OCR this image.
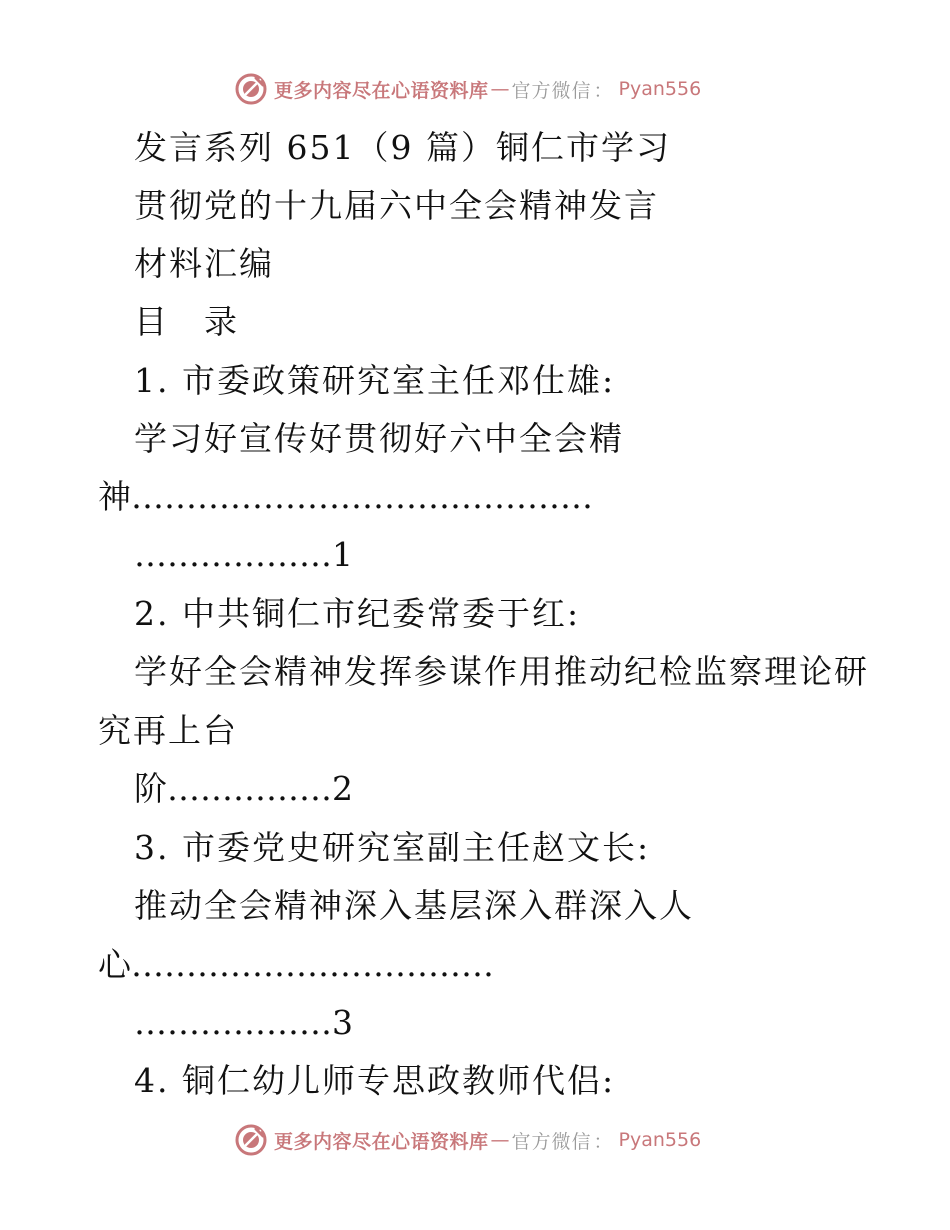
更多内容尽在心语资料库 — 官方微信 ： Pyan556
发言系列 651（9 篇）铜仁市学习
贯彻党的十九届六中全会精神发言
材料汇编
目　录
1. 市委政策研究室主任邓仕雄:
学习好宣传好贯彻好六中全会精
神……………………………………
………………1
2. 中共铜仁市纪委常委于红:
学好全会精神发挥参谋作用推动纪检监察理论研
究再上台
阶……………2
3. 市委党史研究室副主任赵文长:
推动全会精神深入基层深入群深入人
心……………………………
………………3
4. 铜仁幼儿师专思政教师代侣:
更多内容尽在心语资料库 — 官方微信 ： Pyan556
